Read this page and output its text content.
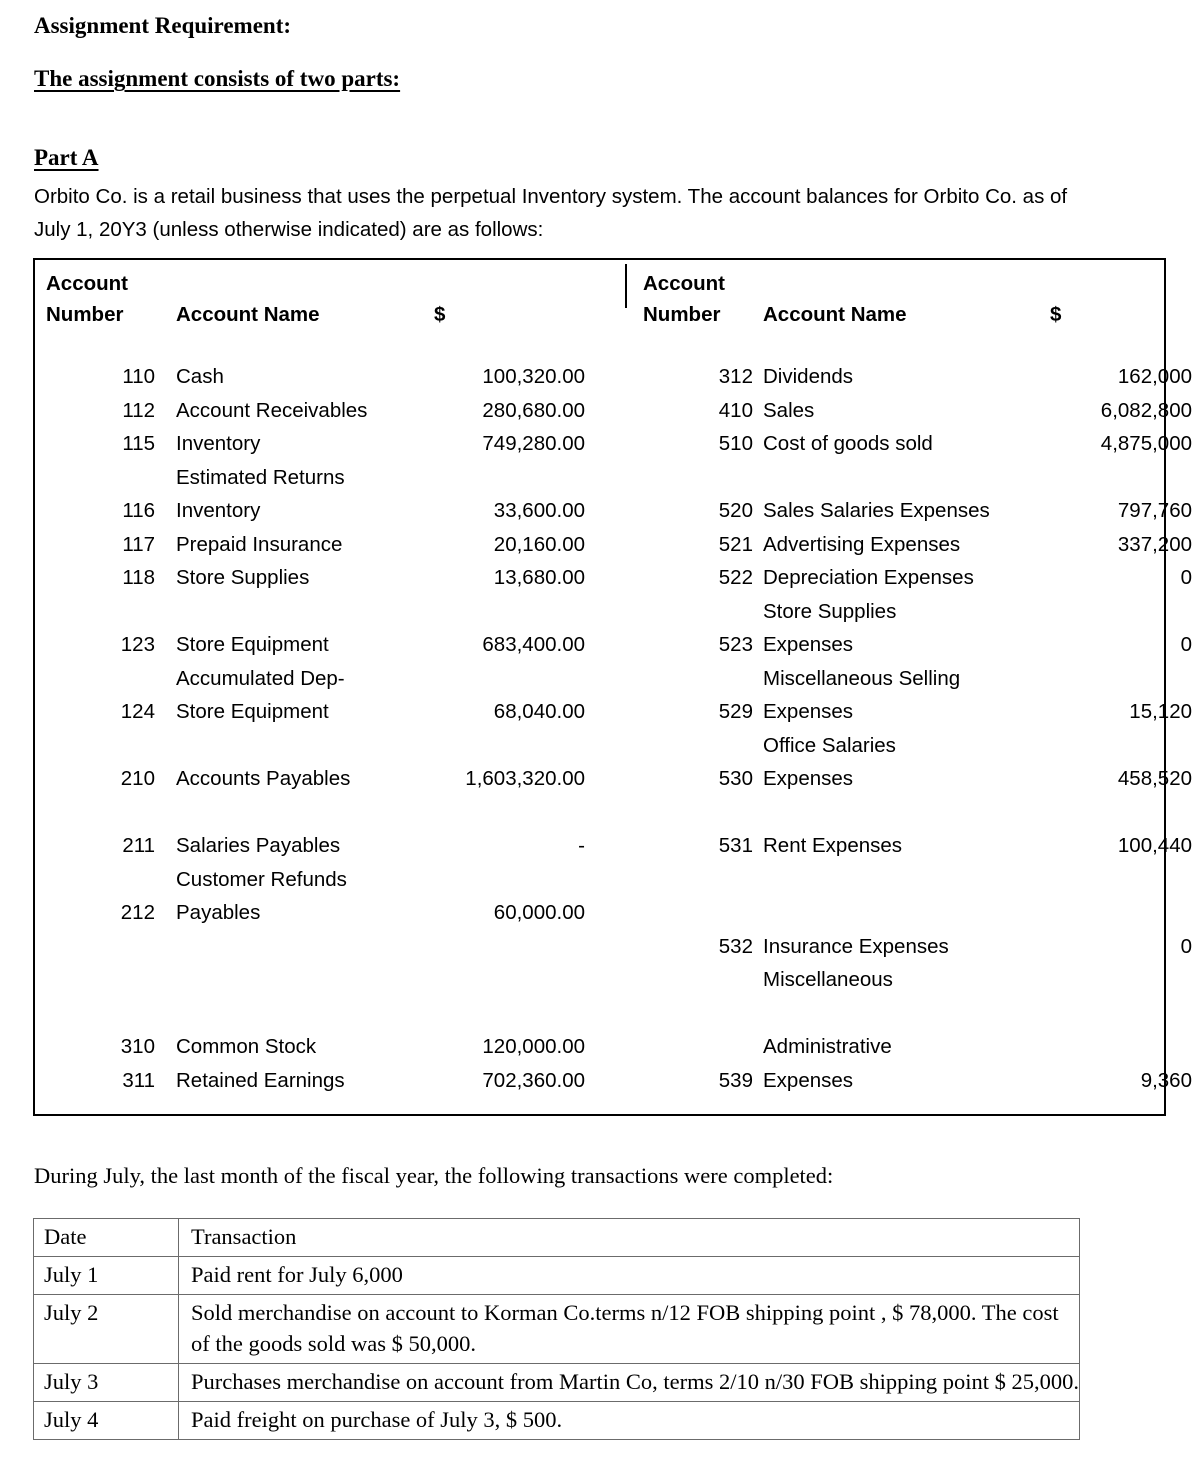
Assignment Requirement:
The assignment consists of two parts:
Part A
Orbito Co. is a retail business that uses the perpetual Inventory system. The account balances for Orbito Co. as of July 1, 20Y3 (unless otherwise indicated) are as follows:
Account
Number	Account Name	$
110 Cash	100,320.00
112 Account Receivables	280,680.00
115 Inventory	749,280.00
Estimated Returns
116 Inventory	33,600.00
117 Prepaid Insurance	20,160.00
118 Store Supplies	13,680.00
123 Store Equipment	683,400.00
Accumulated Dep-
124 Store Equipment	68,040.00
210 Accounts Payables	1,603,320.00
211 Salaries Payables	-
Customer Refunds
212 Payables	60,000.00
310 Common Stock	120,000.00
311 Retained Earnings	702,360.00
Account
Number Account Name	$
312 Dividends	162,000
410 Sales	6,082,800
510 Cost of goods sold	4,875,000
520 Sales Salaries Expenses	797,760
521 Advertising Expenses	337,200
522 Depreciation Expenses	0
Store Supplies
523 Expenses	0
Miscellaneous Selling
529 Expenses	15,120
Office Salaries
530 Expenses	458,520
531 Rent Expenses	100,440
532 Insurance Expenses	0
Miscellaneous
Administrative
539 Expenses	9,360
During July, the last month of the fiscal year, the following transactions were completed:
Date	Transaction
July 1	Paid rent for July 6,000
July 2	Sold merchandise on account to Korman Co.terms n/12 FOB shipping point , $ 78,000. The cost of the goods sold was $ 50,000.
July 3	Purchases merchandise on account from Martin Co, terms 2/10 n/30 FOB shipping point $ 25,000.
July 4	Paid freight on purchase of July 3, $ 500.
